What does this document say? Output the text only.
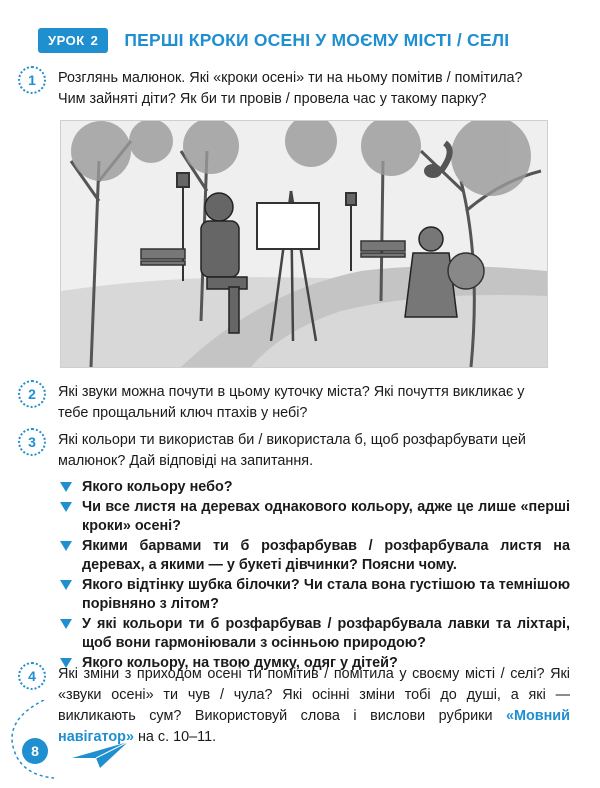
УРОК 2	ПЕРШІ КРОКИ ОСЕНІ У МОЄМУ МІСТІ / СЕЛІ
1	Розглянь малюнок. Які «кроки осені» ти на ньому помітив / помітила?

Чим зайняті діти? Як би ти провів / провела час у такому парку?

2	Які звуки можна почути в цьому куточку міста? Які почуття викликає у

тебе прощальний ключ птахів у небі?

3	Які кольори ти використав би / використала б, щоб розфарбувати цей

малюнок? Дай відповіді на запитання.

Якого кольору небо?
Чи все листя на деревах однакового кольору, адже це лише «перші кроки» осені?
Якими барвами ти б розфарбував / розфарбувала листя на деревах, а якими — у букеті дівчинки? Поясни чому.
Якого відтінку шубка білочки? Чи стала вона густішою та темнішою порівняно з літом?
У які кольори ти б розфарбував / розфарбувала лавки та ліхтарі, щоб вони гармоніювали з осінньою природою?
Якого кольору, на твою думку, одяг у дітей?
4	Які зміни з приходом осені ти помітив / помітила у своєму місті / селі? Які «звуки осені» ти чув / чула? Які осінні зміни тобі до душі, а які — викликають сум? Використовуй слова і вислови рубрики «Мовний навігатор» на с. 10–11.
8
